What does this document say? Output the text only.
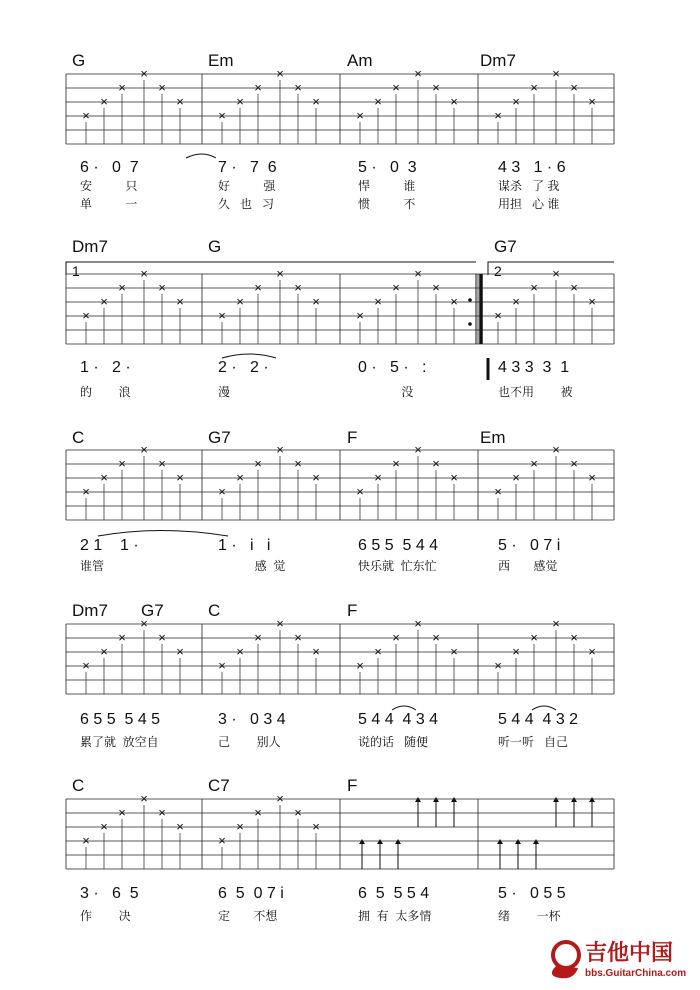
G	Em	Am	Dm7
×
×
×
×
×
×
×
×
×
×
×
×
×
×
×
×
×
×
×
×
×
×
×
×
6 ·   0  7	7 ·   7  6	5 ·   0  3	4 3   1 · 6
安          只	好          强	悍          谁	谋杀   了 我
单          一	久   也   习	惯          不	用担   心 谁
Dm7	G	G7
1	2
×
×
×
×
×
×
×
×
×
×
×
×
×
×
×
×
×
×
×
×
×
×
×
×
1 ·   2 ·	2 ·   2 ·	0 ·   5 ·   :	4 3 3  3  1
的        浪	漫	没	也不用        被
C	G7	F	Em
×
×
×
×
×
×
×
×
×
×
×
×
×
×
×
×
×
×
×
×
×
×
×
×
2 1    1 ·	1 ·   i   i	6 5 5  5 4 4	5 ·   0 7 i
谁管	感  觉	快乐就  忙东忙	西       感觉
Dm7 G7	C	F
×
×
×
×
×
×
×
×
×
×
×
×
×
×
×
×
×
×
×
×
×
×
×
×
6 5 5  5 4 5	3 ·   0 3 4	5 4 4  4 3 4	5 4 4  4 3 2
累了就  放空自	己        别人	说的话   随便	听一听   自己
C	C7	F
×
×
×
×
×
×
×
×
×
×
×
×
3 ·   6  5	6  5  0 7 i	6  5  5 5 4	5 ·   0 5 5
作        决	定       不想	拥  有  太多情	绪        一杯
吉他中国
bbs.GuitarChina.com
